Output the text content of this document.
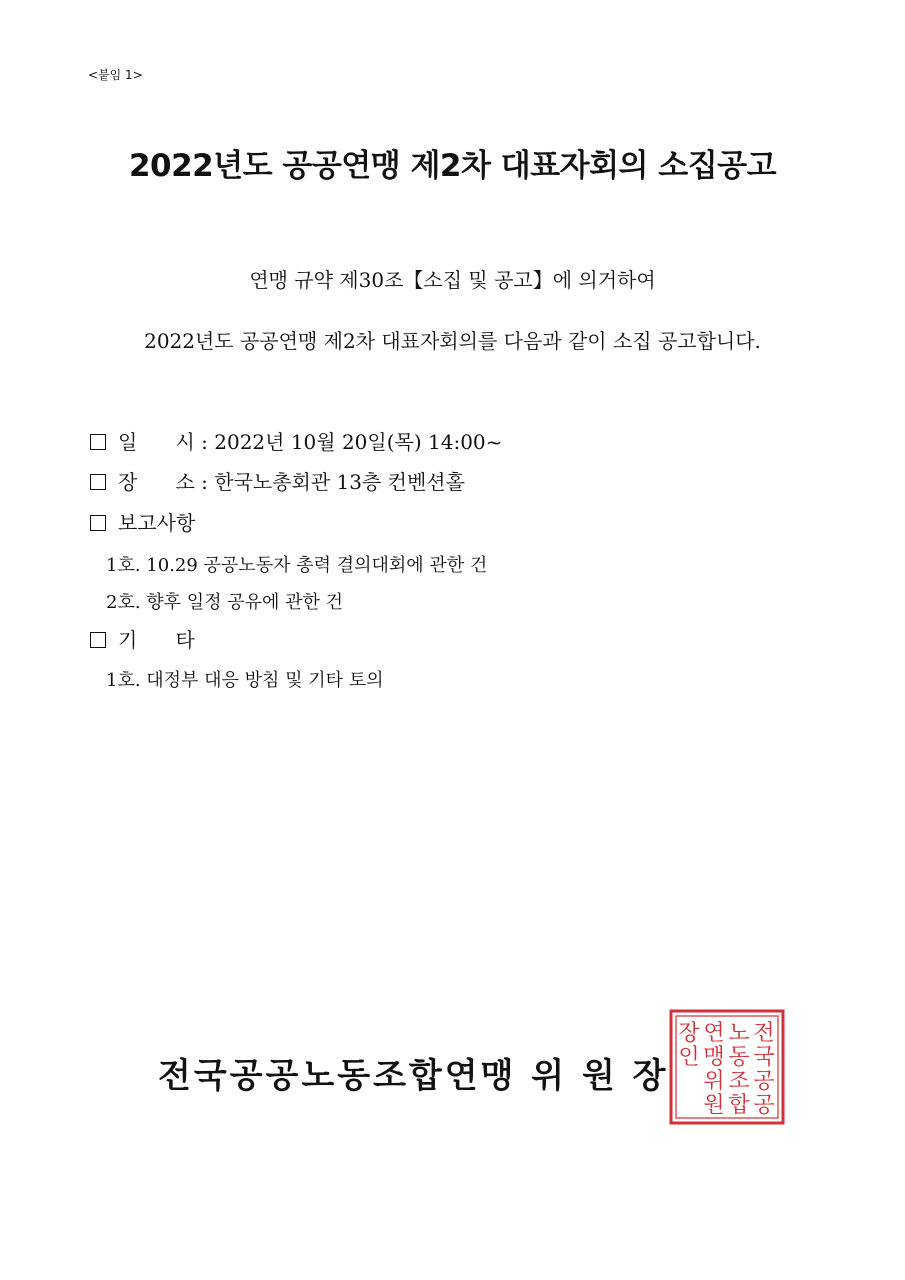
<붙임 1>
2022년도 공공연맹 제2차 대표자회의 소집공고
연맹 규약 제30조【소집 및 공고】에 의거하여
2022년도 공공연맹 제2차 대표자회의를 다음과 같이 소집 공고합니다.
일      시 : 2022년 10월 20일(목) 14:00~
장      소 : 한국노총회관 13층 컨벤션홀
보고사항
1호. 10.29 공공노동자 총력 결의대회에 관한 건
2호. 향후 일정 공유에 관한 건
기      타
1호. 대정부 대응 방침 및 기타 토의
전국공공노동조합연맹 위 원 장
전
국
공
공
노
동
조
합
연
맹
위
원
장
인
